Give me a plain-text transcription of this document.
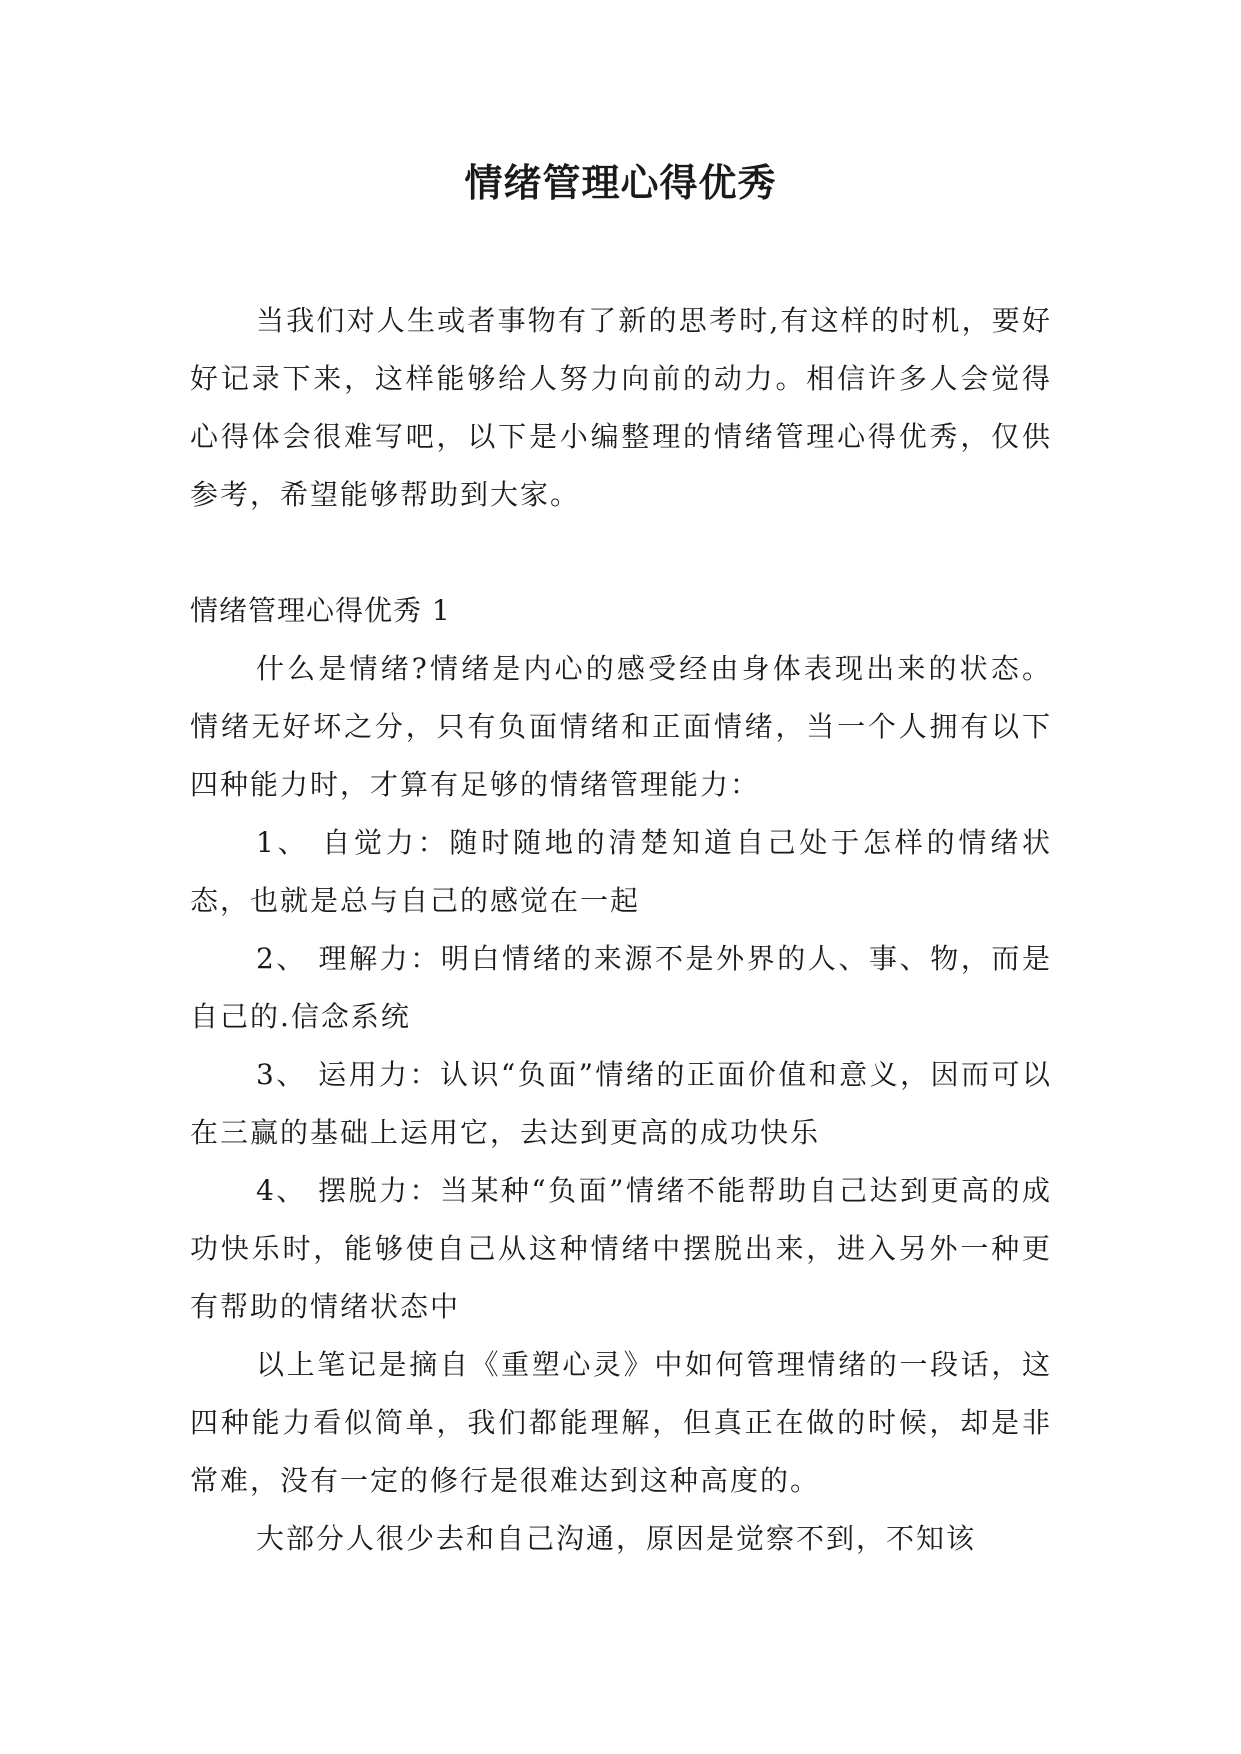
情绪管理心得优秀

当我们对人生或者事物有了新的思考时,有这样的时机，要好好记录下来，这样能够给人努力向前的动力。相信许多人会觉得心得体会很难写吧，以下是小编整理的情绪管理心得优秀，仅供参考，希望能够帮助到大家。

情绪管理心得优秀 1

什么是情绪?情绪是内心的感受经由身体表现出来的状态。情绪无好坏之分，只有负面情绪和正面情绪，当一个人拥有以下四种能力时，才算有足够的情绪管理能力：

1、 自觉力：随时随地的清楚知道自己处于怎样的情绪状态，也就是总与自己的感觉在一起

2、 理解力：明白情绪的来源不是外界的人、事、物，而是自己的.信念系统

3、 运用力：认识“负面”情绪的正面价值和意义，因而可以在三赢的基础上运用它，去达到更高的成功快乐

4、 摆脱力：当某种“负面”情绪不能帮助自己达到更高的成功快乐时，能够使自己从这种情绪中摆脱出来，进入另外一种更有帮助的情绪状态中

以上笔记是摘自《重塑心灵》中如何管理情绪的一段话，这四种能力看似简单，我们都能理解，但真正在做的时候，却是非常难，没有一定的修行是很难达到这种高度的。

大部分人很少去和自己沟通，原因是觉察不到，不知该
